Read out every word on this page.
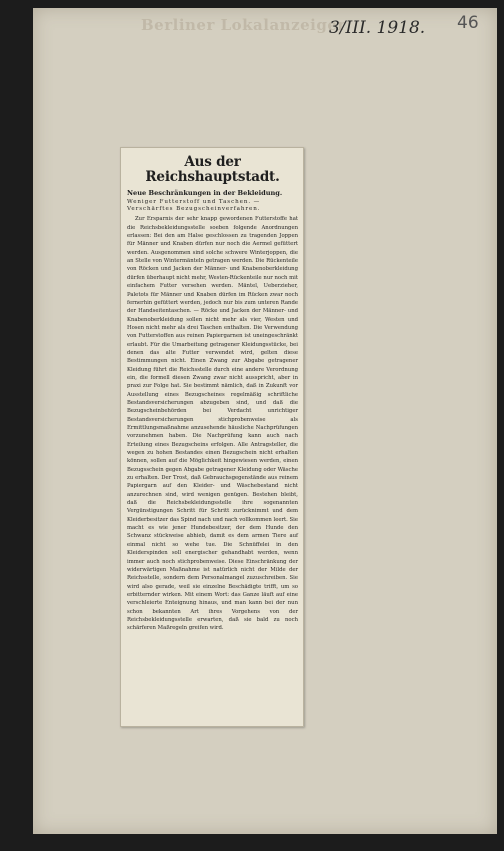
Berliner Lokalanzeiger
3/III. 1918. 46
Aus der Reichshauptstadt.
Neue Beschränkungen in der Bekleidung.
Weniger Futterstoff und Taschen. — Verschärftes Bezugscheinverfahren.
Zur Ersparnis der sehr knapp gewordenen Futterstoffe hat die Reichsbekleidungsstelle soeben folgende Anordnungen erlassen: Bei den am Halse geschlossen zu tragenden Joppen für Männer und Knaben dürfen nur noch die Aermel gefüttert werden. Ausgenommen sind solche schwere Winterjoppen, die an Stelle von Wintermänteln getragen werden. Die Rückenteile von Röcken und Jacken der Männer- und Knabenoberkleidung dürfen überhaupt nicht mehr, Westen-Rückenteile nur noch mit einfachem Futter versehen werden. Mäntel, Ueberzieher, Paletots für Männer und Knaben dürfen im Rücken zwar noch fernerhin gefüttert werden, jedoch nur bis zum unteren Rande der Handseitentaschen. — Röcke und Jacken der Männer- und Knabenoberkleidung sollen nicht mehr als vier, Westen und Hosen nicht mehr als drei Taschen enthalten. Die Verwendung von Futterstoffen aus reinen Papiergarnen ist uneingeschränkt erlaubt. Für die Umarbeitung getragener Kleidungsstücke, bei denen das alte Futter verwendet wird, gelten diese Bestimmungen nicht. Einen Zwang zur Abgabe getragener Kleidung führt die Reichsstelle durch eine andere Verordnung ein, die formell diesen Zwang zwar nicht ausspricht, aber in praxi zur Folge hat. Sie bestimmt nämlich, daß in Zukunft vor Ausstellung eines Bezugscheines regelmäßig schriftliche Bestandsversicherungen abzugeben sind, und daß die Bezugscheinbehörden bei Verdacht unrichtiger Bestandsversicherungen stichprobenweise als Ermittlungsmaßnahme anzusehende häusliche Nachprüfungen vorzunehmen haben. Die Nachprüfung kann auch nach Erteilung eines Bezugscheins erfolgen. Alle Antragsteller, die wegen zu hohen Bestandes einen Bezugschein nicht erhalten können, sollen auf die Möglichkeit hingewiesen werden, einen Bezugsschein gegen Abgabe getragener Kleidung oder Wäsche zu erhalten. Der Trost, daß Gebrauchsgegenstände aus reinem Papiergarn auf den Kleider- und Wäschebestand nicht anzurechnen sind, wird wenigen genügen. Bestehen bleibt, daß die Reichsbekleidungsstelle ihre sogenannten Vergünstigungen Schritt für Schritt zurücknimmt und dem Kleiderbesitzer das Spind nach und nach vollkommen leert. Sie macht es wie jener Hundebesitzer, der dem Hunde den Schwanz stückweise abhieb, damit es dem armen Tiere auf einmal nicht so wehe tue. Die Schnüffelei in den Kleiderspinden soll energischer gehandhabt werden, wenn immer auch noch stichprobenweise. Diese Einschränkung der widerwärtigen Maßnahme ist natürlich nicht der Milde der Reichsstelle, sondern dem Personalmangel zuzuschreiben. Sie wird also gerade, weil sie einzelne Beschädigte trifft, um so erbitternder wirken. Mit einem Wort: das Ganze läuft auf eine verschleierte Enteignung hinaus, und man kann bei der nun schon bekannten Art ihres Vorgehens von der Reichsbekleidungsstelle erwarten, daß sie bald zu noch schärferen Maßregeln greifen wird.
